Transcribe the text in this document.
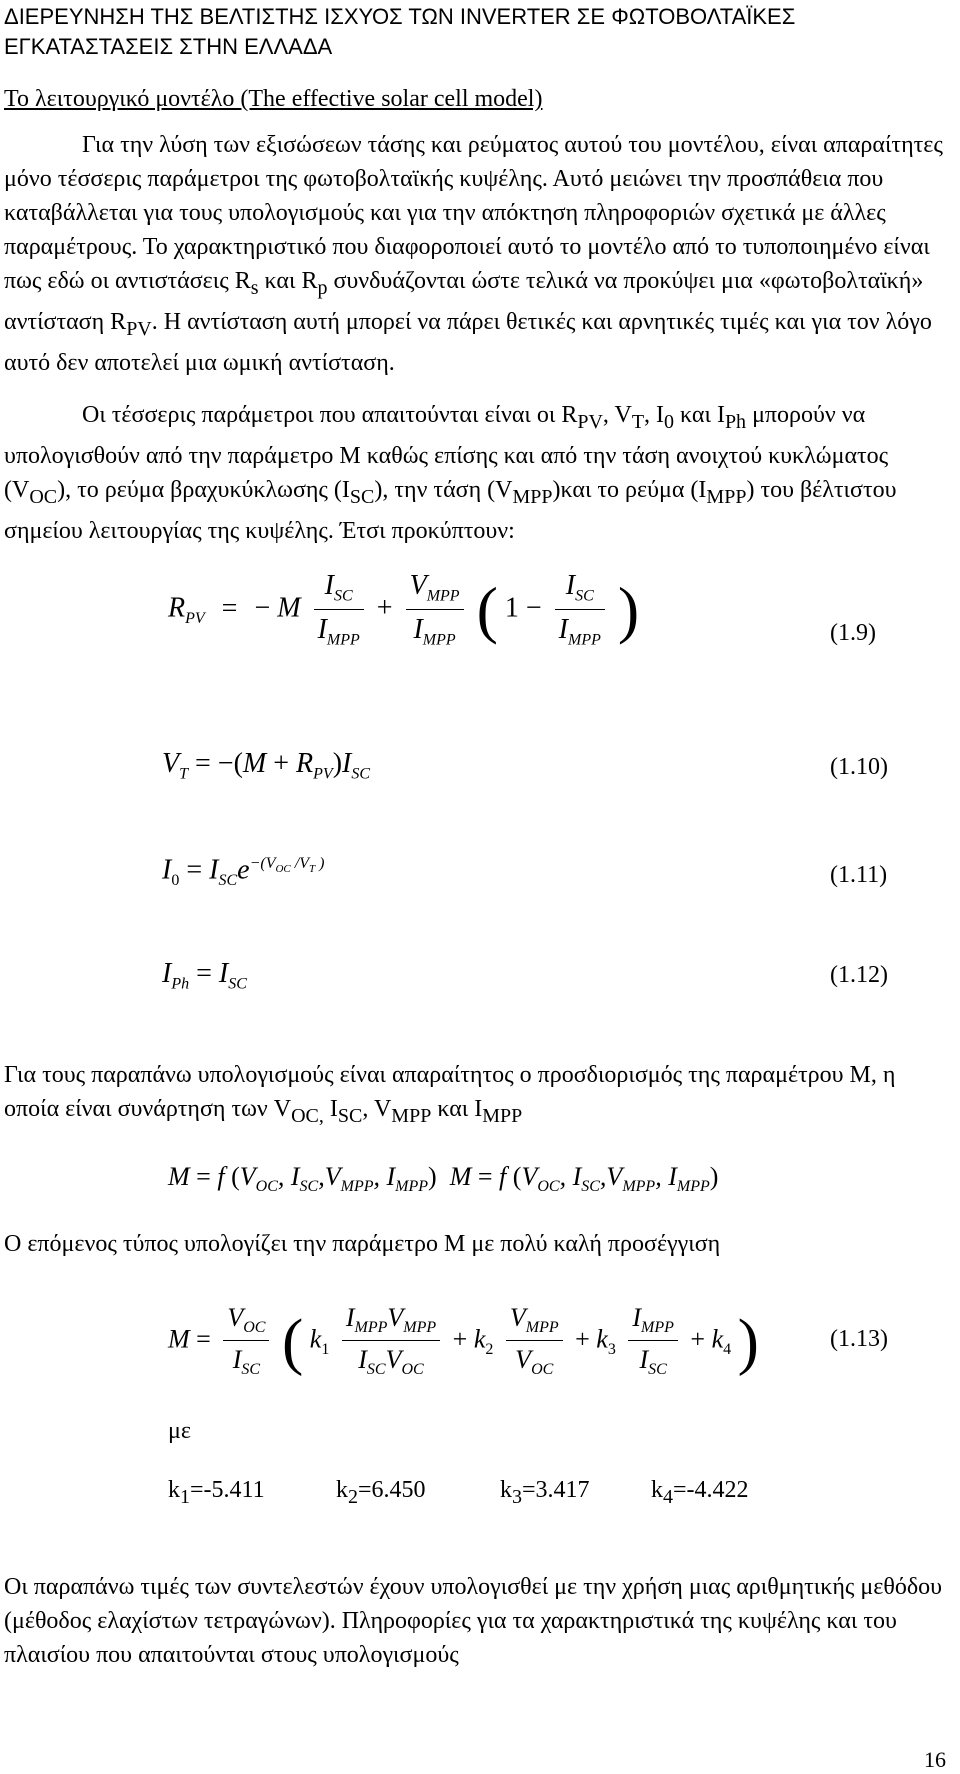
ΔΙΕΡΕΥΝΗΣΗ ΤΗΣ ΒΕΛΤΙΣΤΗΣ ΙΣΧΥΟΣ ΤΩΝ INVERTER ΣΕ ΦΩΤΟΒΟΛΤΑΪΚΕΣ
ΕΓΚΑΤΑΣΤΑΣΕΙΣ ΣΤΗΝ ΕΛΛΑΔΑ
Το λειτουργικό μοντέλο (The effective solar cell model)

Για την λύση των εξισώσεων τάσης και ρεύματος αυτού του μοντέλου, είναι απαραίτητες μόνο τέσσερις παράμετροι της φωτοβολταϊκής κυψέλης. Αυτό μειώνει την προσπάθεια που καταβάλλεται για τους υπολογισμούς και για την απόκτηση πληροφοριών σχετικά με άλλες παραμέτρους. Το χαρακτηριστικό που διαφοροποιεί αυτό το μοντέλο από το τυποποιημένο είναι πως εδώ οι αντιστάσεις $R_s$ και $R_p$ συνδυάζονται ώστε τελικά να προκύψει μια «φωτοβολταϊκή» αντίσταση $R_{PV}$. Η αντίσταση αυτή μπορεί να πάρει θετικές και αρνητικές τιμές και για τον λόγο αυτό δεν αποτελεί μια ωμική αντίσταση.

Οι τέσσερις παράμετροι που απαιτούνται είναι οι $R_{PV}$, $V_T$, $I_0$ και $I_{Ph}$ μπορούν να υπολογισθούν από την παράμετρο M καθώς επίσης και από την τάση ανοιχτού κυκλώματος $(V_{OC})$, το ρεύμα βραχυκύκλωσης $(I_{SC})$, την τάση $(V_{MPP})\kappa\alpha\iota$ το ρεύμα $(I_{MPP})$ του βέλτιστου σημείου λειτουργίας της κυψέλης. Έτσι προκύπτουν:

$R_{PV}$ = − M $\frac{I_{SC}}{I_{MPP}} + \frac{V_{MPP}}{I_{MPP}}$ ( $1 - \frac{I_{SC}}{I_{MPP}}$ )	(1.9)
$V_T = -(M + R_{PV})I_{SC}$	(1.10)
$I_0 = I_{SC}e^{-(V_{OC} /V_T )}$	(1.11)
$I_{Ph} = I_{SC}$	(1.12)

Για τους παραπάνω υπολογισμούς είναι απαραίτητος ο προσδιορισμός της παραμέτρου M, η οποία είναι συνάρτηση των $V_{OC,}$ $I_{SC}$, $V_{MPP}$ και $I_{MPP}$

M = f ($V_{OC}$, $I_{SC},V_{MPP}$, $I_{MPP}$)  M = f ($V_{OC}$, $I_{SC},V_{MPP}$, $I_{MPP}$)

Ο επόμενος τύπος υπολογίζει την παράμετρο M με πολύ καλή προσέγγιση

$M = \frac{V_{OC}}{I_{SC}}$ ( $k_1 \frac{I_{MPP}V_{MPP}}{I_{SC}V_{OC}} + k_2 \frac{V_{MPP}}{V_{OC}} + k_3 \frac{I_{MPP}}{I_{SC}} + k_4$ )	(1.13)
με
$k_1=-5.411$	$k_2=6.450$	$k_3=3.417$	$k_4=-4.422$

Οι παραπάνω τιμές των συντελεστών έχουν υπολογισθεί με την χρήση μιας αριθμητικής μεθόδου (μέθοδος ελαχίστων τετραγώνων). Πληροφορίες για τα χαρακτηριστικά της κυψέλης και του πλαισίου που απαιτούνται στους υπολογισμούς

16
